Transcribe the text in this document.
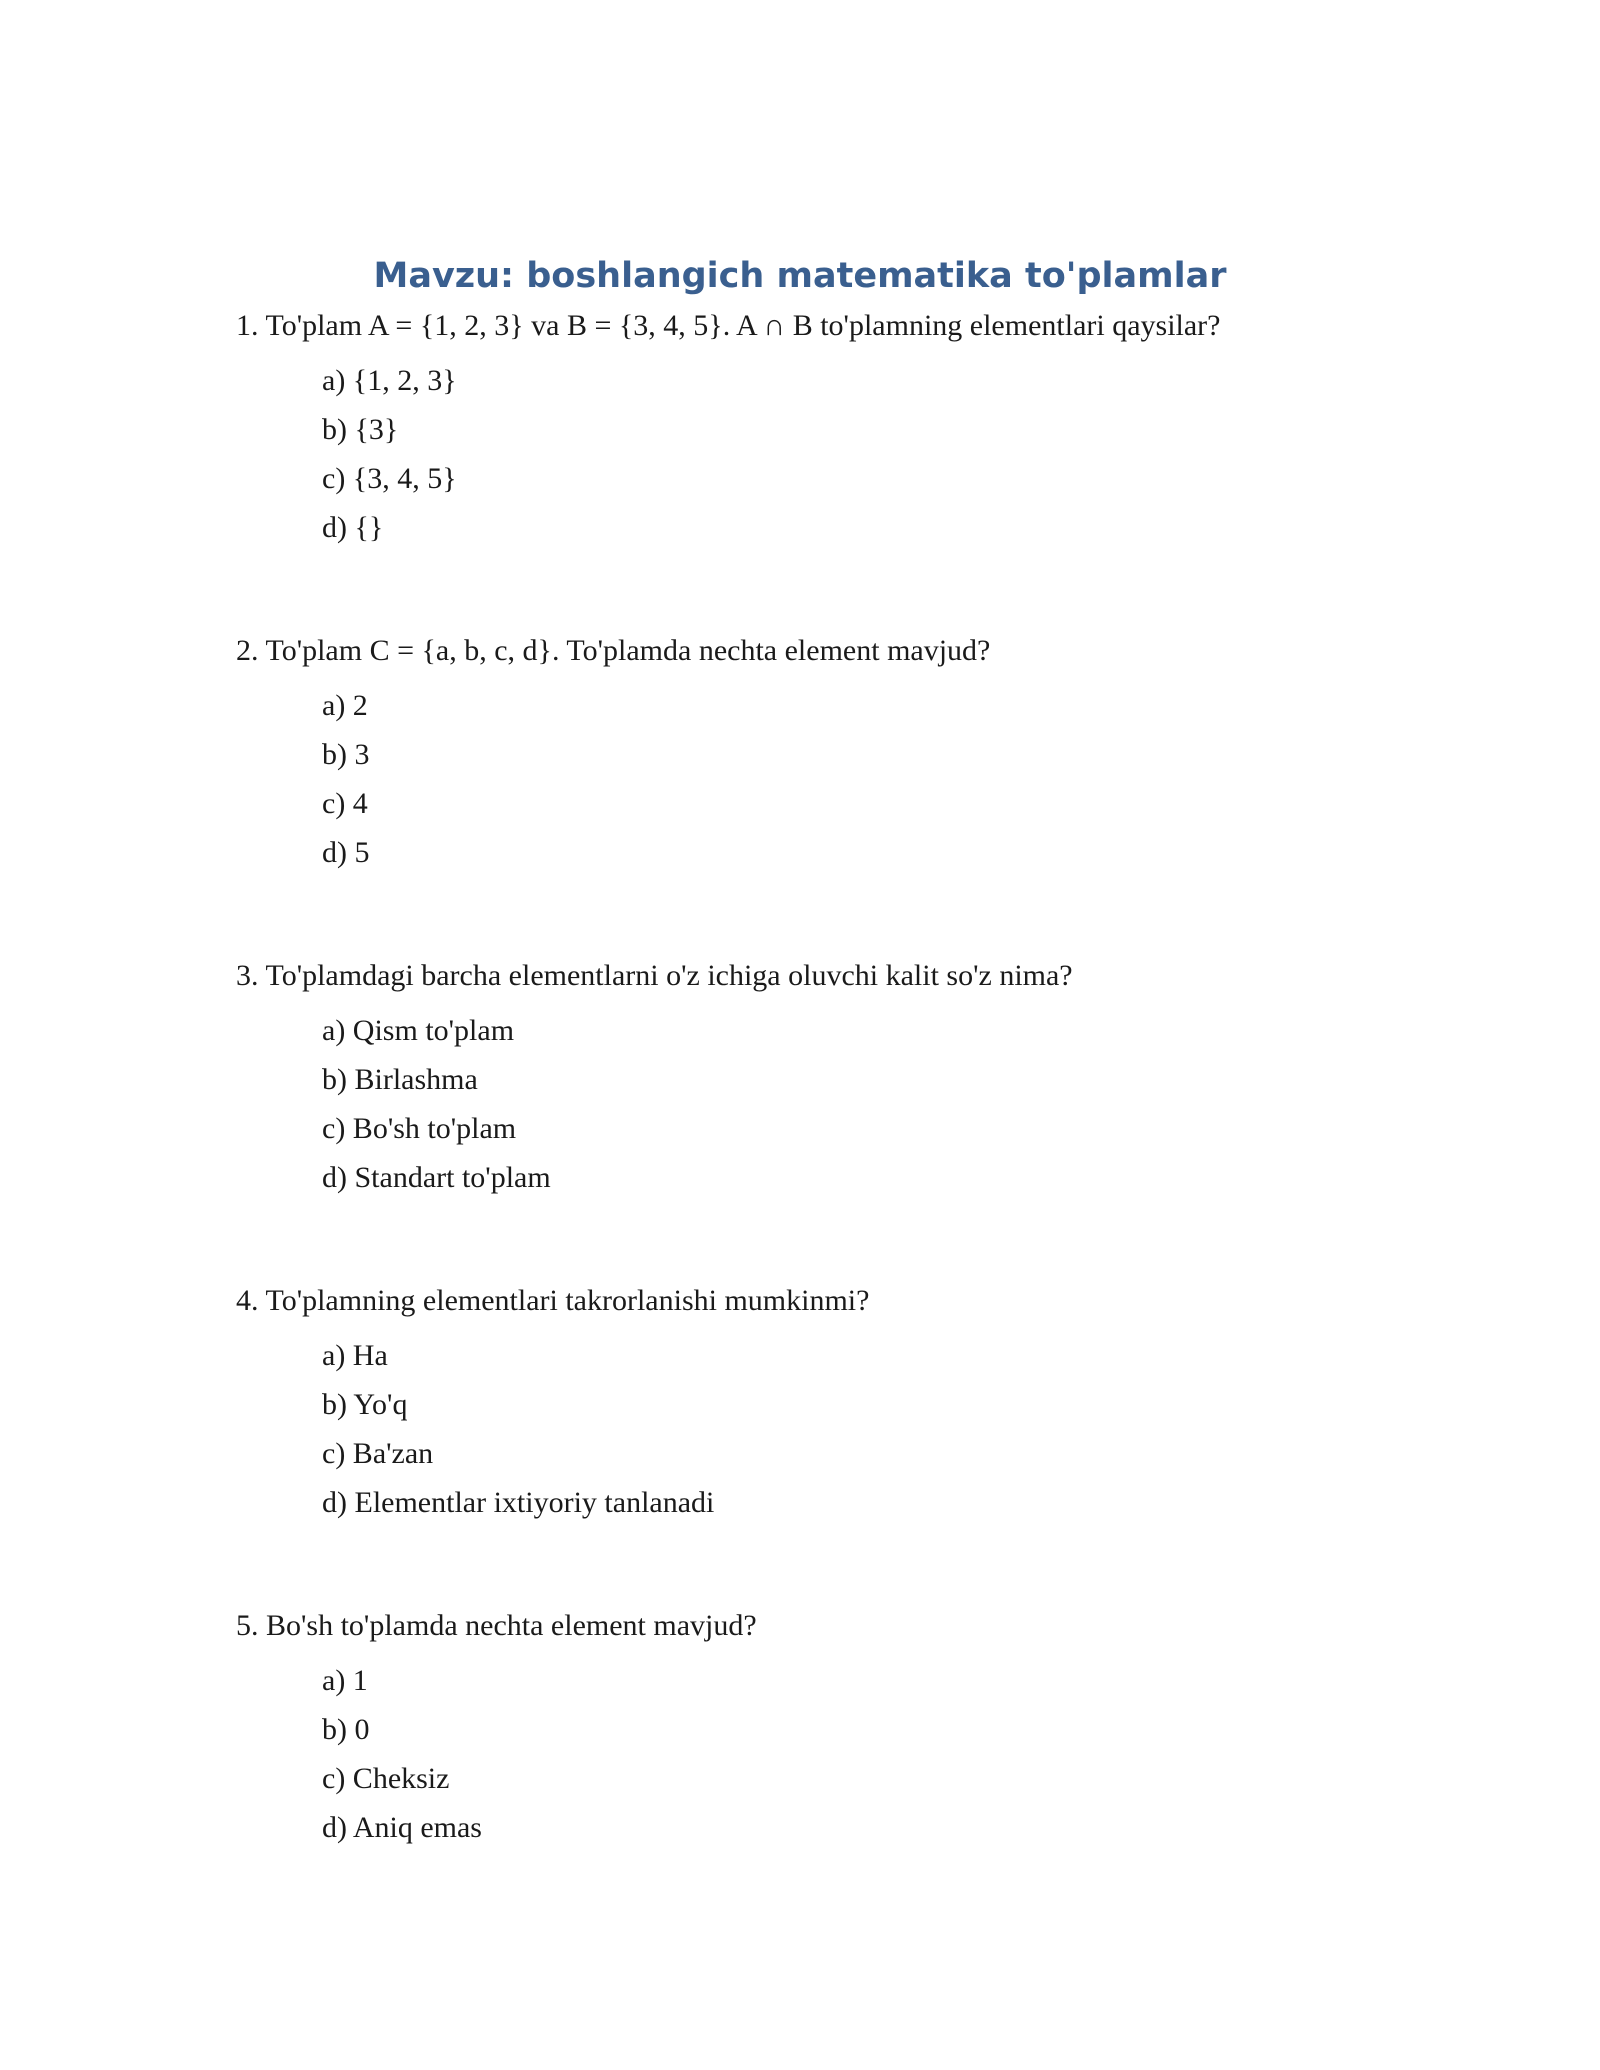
Mavzu: boshlangich matematika to'plamlar

1. To'plam A = {1, 2, 3} va B = {3, 4, 5}. A ∩ B to'plamning elementlari qaysilar?

a) {1, 2, 3}
b) {3}
c) {3, 4, 5}
d) {}

2. To'plam C = {a, b, c, d}. To'plamda nechta element mavjud?

a) 2
b) 3
c) 4
d) 5

3. To'plamdagi barcha elementlarni o'z ichiga oluvchi kalit so'z nima?

a) Qism to'plam
b) Birlashma
c) Bo'sh to'plam
d) Standart to'plam

4. To'plamning elementlari takrorlanishi mumkinmi?

a) Ha
b) Yo'q
c) Ba'zan
d) Elementlar ixtiyoriy tanlanadi

5. Bo'sh to'plamda nechta element mavjud?

a) 1
b) 0
c) Cheksiz
d) Aniq emas
